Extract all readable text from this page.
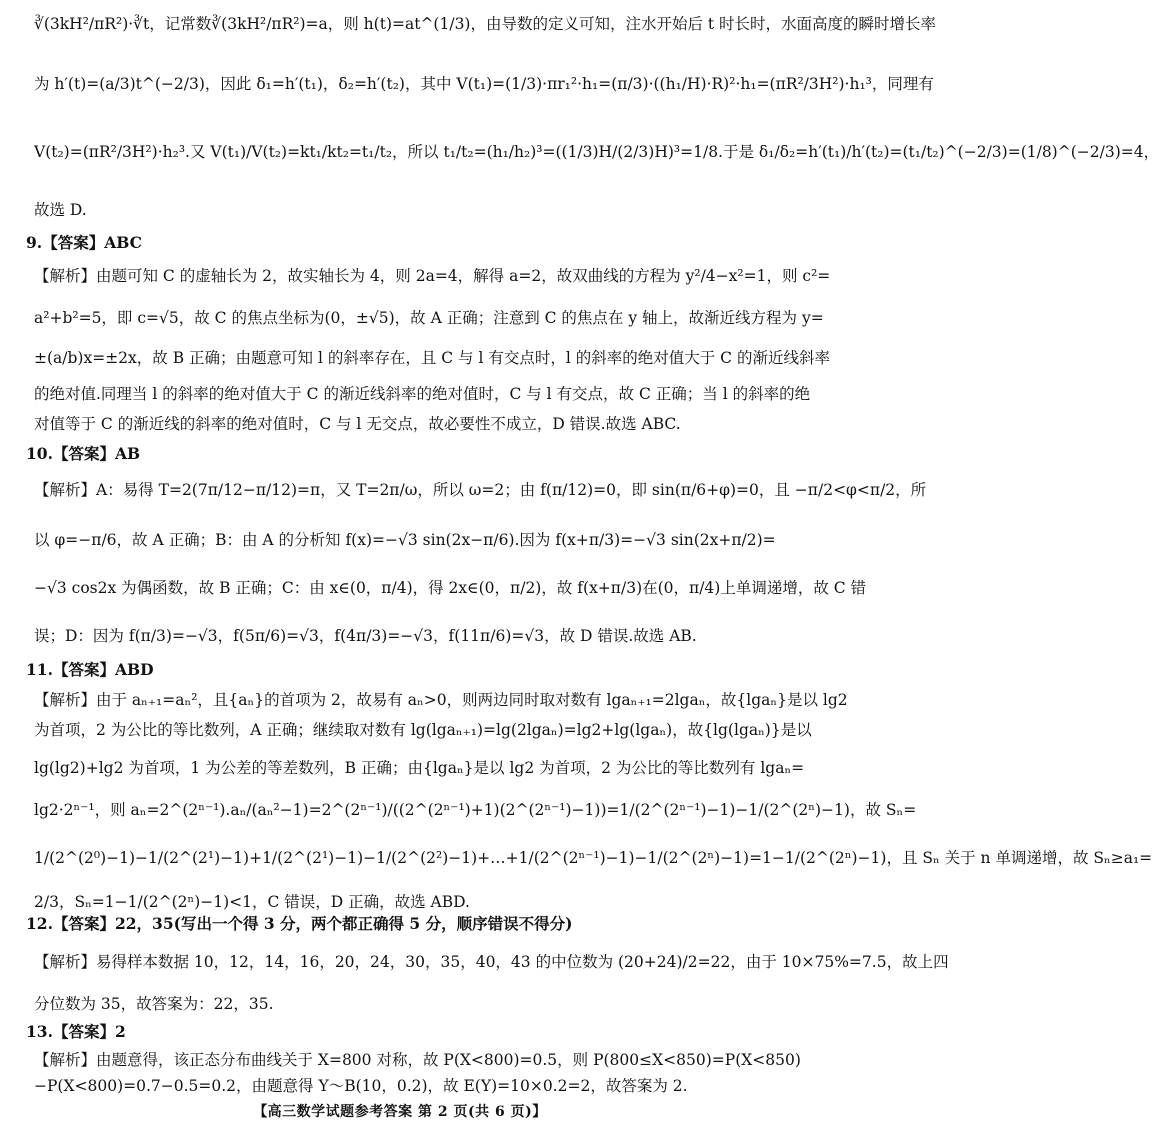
∛(3kH²/πR²)·∛t，记常数∛(3kH²/πR²)=a，则 h(t)=at^(1/3)，由导数的定义可知，注水开始后 t 时长时，水面高度的瞬时增长率
为 h′(t)=(a/3)t^(−2/3)，因此 δ₁=h′(t₁)，δ₂=h′(t₂)，其中 V(t₁)=(1/3)·πr₁²·h₁=(π/3)·((h₁/H)·R)²·h₁=(πR²/3H²)·h₁³，同理有
V(t₂)=(πR²/3H²)·h₂³.又 V(t₁)/V(t₂)=kt₁/kt₂=t₁/t₂，所以 t₁/t₂=(h₁/h₂)³=((1/3)H/(2/3)H)³=1/8.于是 δ₁/δ₂=h′(t₁)/h′(t₂)=(t₁/t₂)^(−2/3)=(1/8)^(−2/3)=4，
故选 D.
9.【答案】ABC
【解析】由题可知 C 的虚轴长为 2，故实轴长为 4，则 2a=4，解得 a=2，故双曲线的方程为 y²/4−x²=1，则 c²=
a²+b²=5，即 c=√5，故 C 的焦点坐标为(0，±√5)，故 A 正确；注意到 C 的焦点在 y 轴上，故渐近线方程为 y=
±(a/b)x=±2x，故 B 正确；由题意可知 l 的斜率存在，且 C 与 l 有交点时，l 的斜率的绝对值大于 C 的渐近线斜率
的绝对值.同理当 l 的斜率的绝对值大于 C 的渐近线斜率的绝对值时，C 与 l 有交点，故 C 正确；当 l 的斜率的绝
对值等于 C 的渐近线的斜率的绝对值时，C 与 l 无交点，故必要性不成立，D 错误.故选 ABC.
10.【答案】AB
【解析】A：易得 T=2(7π/12−π/12)=π，又 T=2π/ω，所以 ω=2；由 f(π/12)=0，即 sin(π/6+φ)=0，且 −π/2<φ<π/2，所
以 φ=−π/6，故 A 正确；B：由 A 的分析知 f(x)=−√3 sin(2x−π/6).因为 f(x+π/3)=−√3 sin(2x+π/2)=
−√3 cos2x 为偶函数，故 B 正确；C：由 x∈(0，π/4)，得 2x∈(0，π/2)，故 f(x+π/3)在(0，π/4)上单调递增，故 C 错
误；D：因为 f(π/3)=−√3，f(5π/6)=√3，f(4π/3)=−√3，f(11π/6)=√3，故 D 错误.故选 AB.
11.【答案】ABD
【解析】由于 aₙ₊₁=aₙ²，且{aₙ}的首项为 2，故易有 aₙ>0，则两边同时取对数有 lgaₙ₊₁=2lgaₙ，故{lgaₙ}是以 lg2
为首项，2 为公比的等比数列，A 正确；继续取对数有 lg(lgaₙ₊₁)=lg(2lgaₙ)=lg2+lg(lgaₙ)，故{lg(lgaₙ)}是以
lg(lg2)+lg2 为首项，1 为公差的等差数列，B 正确；由{lgaₙ}是以 lg2 为首项，2 为公比的等比数列有 lgaₙ=
lg2·2ⁿ⁻¹，则 aₙ=2^(2ⁿ⁻¹).aₙ/(aₙ²−1)=2^(2ⁿ⁻¹)/((2^(2ⁿ⁻¹)+1)(2^(2ⁿ⁻¹)−1))=1/(2^(2ⁿ⁻¹)−1)−1/(2^(2ⁿ)−1)，故 Sₙ=
1/(2^(2⁰)−1)−1/(2^(2¹)−1)+1/(2^(2¹)−1)−1/(2^(2²)−1)+…+1/(2^(2ⁿ⁻¹)−1)−1/(2^(2ⁿ)−1)=1−1/(2^(2ⁿ)−1)，且 Sₙ 关于 n 单调递增，故 Sₙ≥a₁=
2/3，Sₙ=1−1/(2^(2ⁿ)−1)<1，C 错误，D 正确，故选 ABD.
12.【答案】22，35(写出一个得 3 分，两个都正确得 5 分，顺序错误不得分)
【解析】易得样本数据 10，12，14，16，20，24，30，35，40，43 的中位数为 (20+24)/2=22，由于 10×75%=7.5，故上四
分位数为 35，故答案为：22，35.
13.【答案】2
【解析】由题意得，该正态分布曲线关于 X=800 对称，故 P(X<800)=0.5，则 P(800≤X<850)=P(X<850)
−P(X<800)=0.7−0.5=0.2，由题意得 Y～B(10，0.2)，故 E(Y)=10×0.2=2，故答案为 2.
【高三数学试题参考答案 第 2 页(共 6 页)】
